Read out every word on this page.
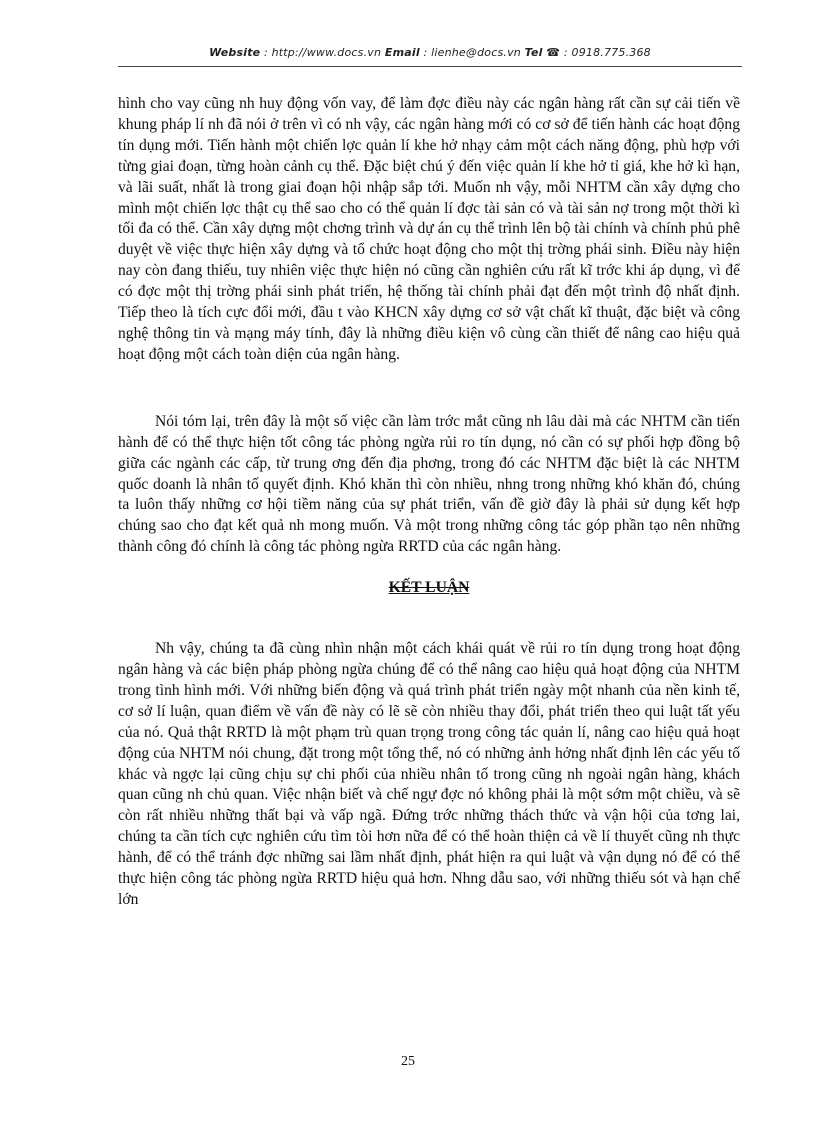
Website : http://www.docs.vn Email : lienhe@docs.vn Tel ☎ : 0918.775.368

hình cho vay cũng nh huy động vốn vay, để làm đợc điều này các ngân hàng rất cần sự cải tiến về khung pháp lí nh đã nói ở trên vì có nh vậy, các ngân hàng mới có cơ sở để tiến hành các hoạt động tín dụng mới. Tiến hành một chiến lợc quản lí khe hở nhạy cảm một cách năng động, phù hợp với từng giai đoạn, từng hoàn cảnh cụ thể. Đặc biệt chú ý đến việc quản lí khe hở tỉ giá, khe hở kì hạn, và lãi suất, nhất là trong giai đoạn hội nhập sắp tới. Muốn nh vậy, mỗi NHTM cần xây dựng cho mình một chiến lợc thật cụ thể sao cho có thể quản lí đợc tài sản có và tài sản nợ trong một thời kì tối đa có thể. Cần xây dựng một chơng trình và dự án cụ thể trình lên bộ tài chính và chính phủ phê duyệt về việc thực hiện xây dựng và tổ chức hoạt động cho một thị trờng phái sinh. Điều này hiện nay còn đang thiếu, tuy nhiên việc thực hiện nó cũng cần nghiên cứu rất kĩ trớc khi áp dụng, vì để có đợc một thị trờng phái sinh phát triển, hệ thống tài chính phải đạt đến một trình độ nhất định. Tiếp theo là tích cực đổi mới, đầu t vào KHCN xây dựng cơ sở vật chất kĩ thuật, đặc biệt và công nghệ thông tin và mạng máy tính, đây là những điều kiện vô cùng cần thiết để nâng cao hiệu quả hoạt động một cách toàn diện của ngân hàng.

Nói tóm lại, trên đây là một số việc cần làm trớc mắt cũng nh lâu dài mà các NHTM cần tiến hành để có thể thực hiện tốt công tác phòng ngừa rủi ro tín dụng, nó cần có sự phối hợp đồng bộ giữa các ngành các cấp, từ trung ơng đến địa phơng, trong đó các NHTM đặc biệt là các NHTM quốc doanh là nhân tố quyết định. Khó khăn thì còn nhiều, nhng trong những khó khăn đó, chúng ta luôn thấy những cơ hội tiềm năng của sự phát triển, vấn đề giờ đây là phải sử dụng kết hợp chúng sao cho đạt kết quả nh mong muốn. Và một trong những công tác góp phần tạo nên những thành công đó chính là công tác phòng ngừa RRTD của các ngân hàng.

KẾT LUẬN

Nh vậy, chúng ta đã cùng nhìn nhận một cách khái quát về rủi ro tín dụng trong hoạt động ngân hàng và các biện pháp phòng ngừa chúng để có thể nâng cao hiệu quả hoạt động của NHTM trong tình hình mới. Với những biến động và quá trình phát triển ngày một nhanh của nền kinh tế, cơ sở lí luận, quan điểm về vấn đề này có lẽ sẽ còn nhiều thay đổi, phát triển theo qui luật tất yếu của nó. Quả thật RRTD là một phạm trù quan trọng trong công tác quản lí, nâng cao hiệu quả hoạt động của NHTM nói chung, đặt trong một tổng thể, nó có những ảnh hởng nhất định lên các yếu tố khác và ngợc lại cũng chịu sự chi phối của nhiều nhân tố trong cũng nh ngoài ngân hàng, khách quan cũng nh chủ quan. Việc nhận biết và chế ngự đợc nó không phải là một sớm một chiều, và sẽ còn rất nhiều những thất bại và vấp ngã. Đứng trớc những thách thức và vận hội của tơng lai, chúng ta cần tích cực nghiên cứu tìm tòi hơn nữa để có thể hoàn thiện cả về lí thuyết cũng nh thực hành, để có thể tránh đợc những sai lầm nhất định, phát hiện ra qui luật và vận dụng nó để có thể thực hiện công tác phòng ngừa RRTD hiệu quả hơn. Nhng dẫu sao, với những thiếu sót và hạn chế lớn

25
